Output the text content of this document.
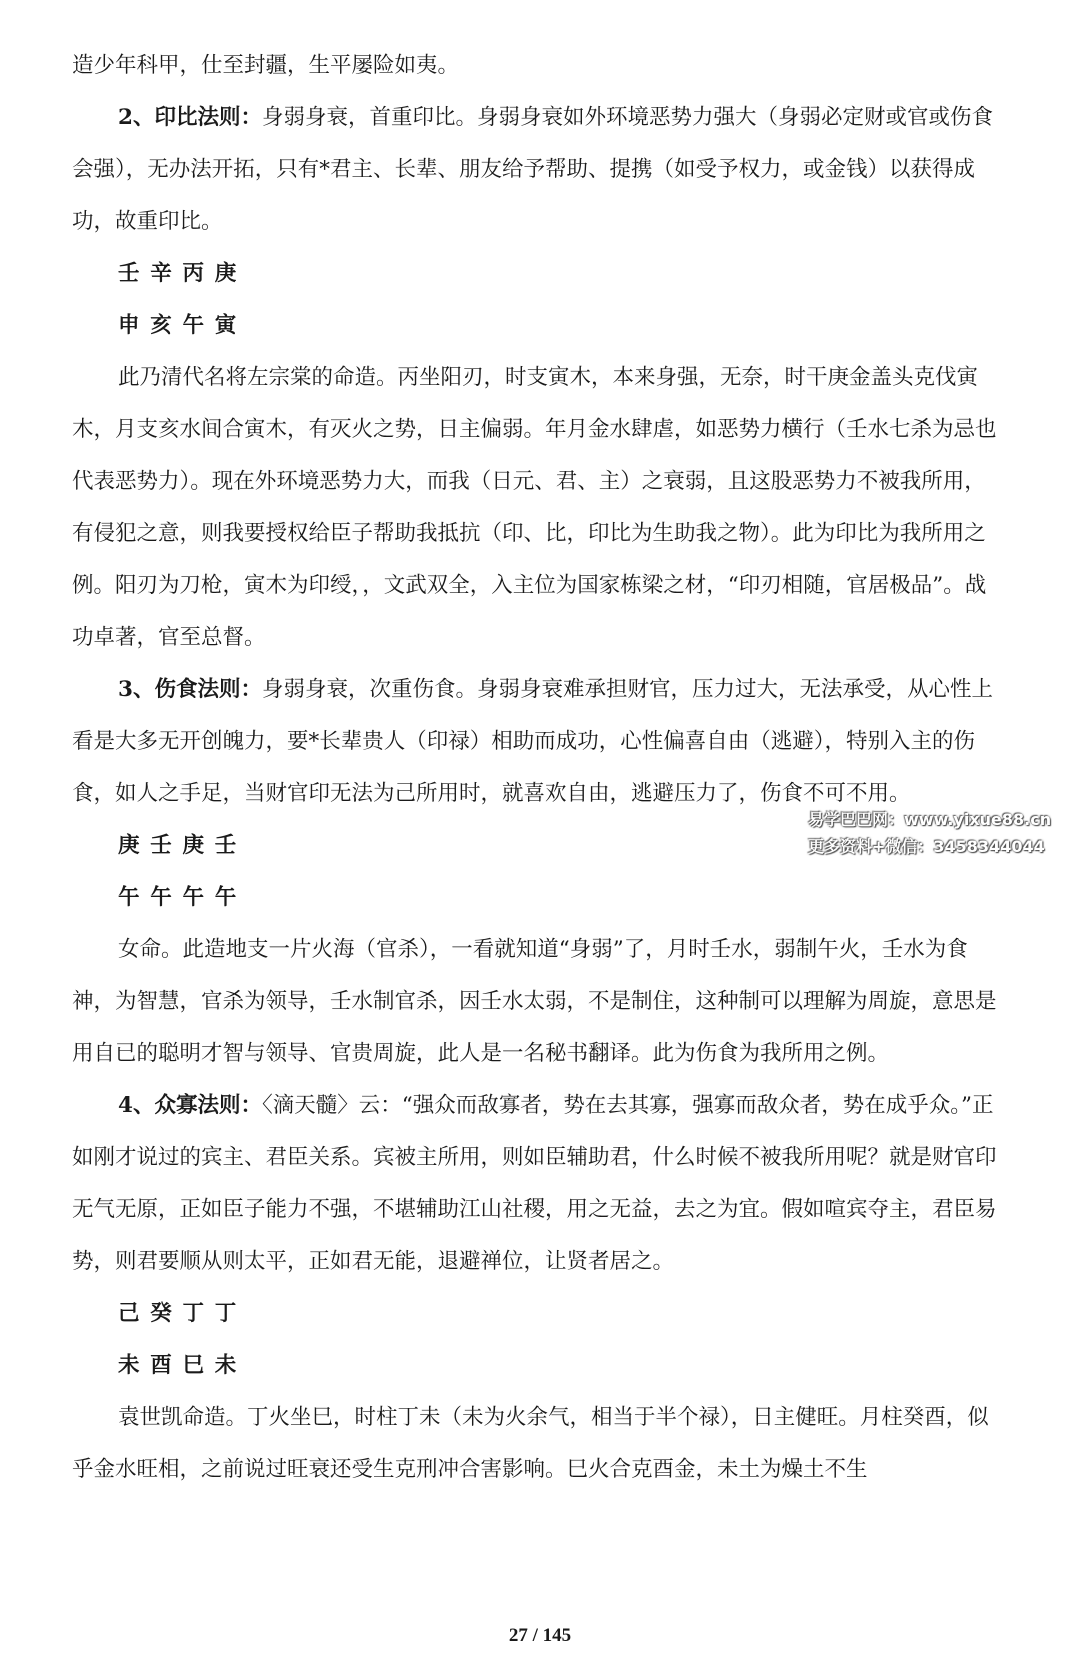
造少年科甲，仕至封疆，生平屡险如夷。

2、印比法则：身弱身衰，首重印比。身弱身衰如外环境恶势力强大（身弱必定财或官或伤食会强），无办法开拓，只有*君主、长辈、朋友给予帮助、提携（如受予权力，或金钱）以获得成功，故重印比。

壬辛丙庚

申亥午寅

此乃清代名将左宗棠的命造。丙坐阳刃，时支寅木，本来身强，无奈，时干庚金盖头克伐寅木，月支亥水间合寅木，有灭火之势，日主偏弱。年月金水肆虐，如恶势力横行（壬水七杀为忌也代表恶势力）。现在外环境恶势力大，而我（日元、君、主）之衰弱，且这股恶势力不被我所用，有侵犯之意，则我要授权给臣子帮助我抵抗（印、比，印比为生助我之物）。此为印比为我所用之例。阳刃为刀枪，寅木为印绶，，文武双全，入主位为国家栋梁之材，“印刃相随，官居极品”。战功卓著，官至总督。

3、伤食法则：身弱身衰，次重伤食。身弱身衰难承担财官，压力过大，无法承受，从心性上看是大多无开创魄力，要*长辈贵人（印禄）相助而成功，心性偏喜自由（逃避），特别入主的伤食，如人之手足，当财官印无法为己所用时，就喜欢自由，逃避压力了，伤食不可不用。

庚壬庚壬

午午午午

女命。此造地支一片火海（官杀），一看就知道“身弱”了，月时壬水，弱制午火，壬水为食神，为智慧，官杀为领导，壬水制官杀，因壬水太弱，不是制住，这种制可以理解为周旋，意思是用自已的聪明才智与领导、官贵周旋，此人是一名秘书翻译。此为伤食为我所用之例。

4、众寡法则：〈滴天髓〉云：“强众而敌寡者，势在去其寡，强寡而敌众者，势在成乎众。”正如刚才说过的宾主、君臣关系。宾被主所用，则如臣辅助君，什么时候不被我所用呢？就是财官印无气无原，正如臣子能力不强，不堪辅助江山社稷，用之无益，去之为宜。假如喧宾夺主，君臣易势，则君要顺从则太平，正如君无能，退避禅位，让贤者居之。

己癸丁丁

未酉巳未

袁世凯命造。丁火坐巳，时柱丁未（未为火余气，相当于半个禄），日主健旺。月柱癸酉，似乎金水旺相，之前说过旺衰还受生克刑冲合害影响。巳火合克酉金，未土为燥土不生

易学巴巴网：www.yixue88.cn
更多资料+微信：3458344044
27 / 145
